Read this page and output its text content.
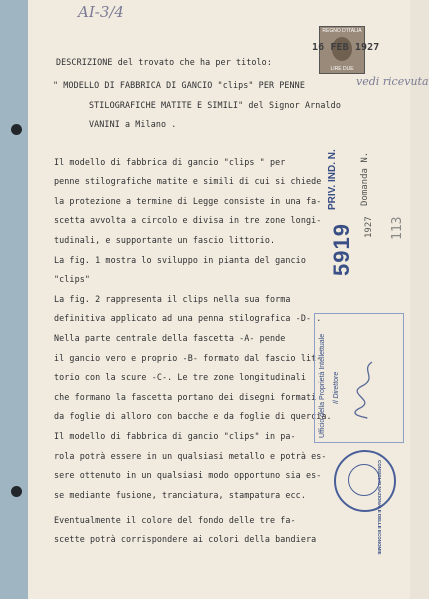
AI-3/4
REGNO D'ITALIA
LIRE DUE
16 FEB 1927
vedi ricevuta
DESCRIZIONE del trovato che ha per titolo:
" MODELLO DI FABBRICA DI GANCIO "clips" PER PENNE
STILOGRAFICHE MATITE E SIMILI" del Signor Arnaldo
VANINI a Milano .
Il modello di fabbrica di gancio "clips " per
penne stilografiche matite e simili di cui si chiede
la protezione a termine di Legge consiste in una fa-
scetta avvolta a circolo e divisa in tre zone longi-
tudinali, e supportante un fascio littorio.
La fig. 1 mostra lo sviluppo in pianta del gancio
"clips"
La fig. 2 rappresenta il clips nella sua forma
definitiva applicato ad una penna stilografica -D- .
Nella parte centrale della fascetta -A- pende
il gancio vero e proprio -B- formato dal fascio lit-
torio con la scure -C-. Le tre zone longitudinali
che formano la fascetta portano dei disegni formati
da foglie di alloro con bacche e da foglie di quercia.
Il modello di fabbrica di gancio "clips" in pa-
rola potrà essere in un qualsiasi metallo e potrà es-
sere ottenuto in un qualsiasi modo opportuno sia es-
se mediante fusione, tranciatura, stampatura ecc.
Eventualmente il colore del fondo delle tre fa-
scette potrà corrispondere ai colori della bandiera
PRIV. IND. N.
5919
Domanda N.
1927 113
Ufficio della Proprietà Intellettuale Il Direttore
CONSIGLIO NAZIONALE DELLE ECONOMIE
